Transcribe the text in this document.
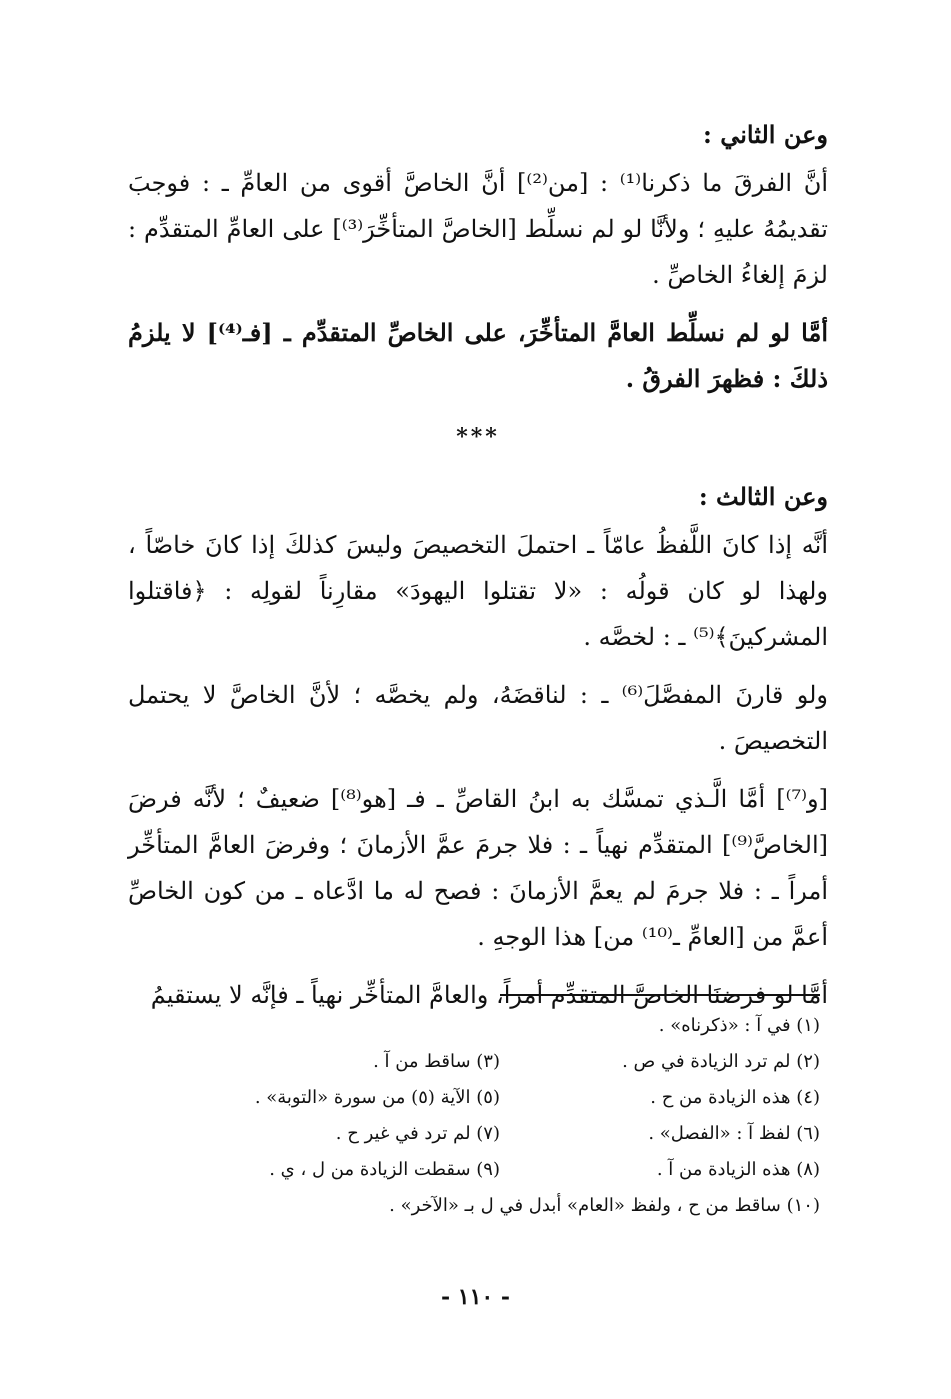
وعن الثاني :

أنَّ الفرقَ ما ذكرنا⁽¹⁾ : [من⁽²⁾] أنَّ الخاصَّ أقوى من العامِّ ـ : فوجبَ تقديمُهُ عليهِ ؛ ولأنَّا لو لم نسلِّط [الخاصَّ المتأخِّرَ⁽³⁾] على العامِّ المتقدِّم : لزمَ إلغاءُ الخاصِّ .

أمَّا لو لم نسلِّط العامَّ المتأخِّرَ، على الخاصِّ المتقدِّم ـ [فـ⁽⁴⁾] لا يلزمُ ذلكَ : فظهرَ الفرقُ .

***
وعن الثالث :

أنَّه إذا كانَ اللَّفظُ عامّاً ـ احتملَ التخصيصَ وليسَ كذلكَ إذا كانَ خاصّاً ، ولهذا لو كان قولُه : «لا تقتلوا اليهودَ» مقارِناً لقولِه : ﴿فاقتلوا المشركينَ﴾⁽⁵⁾ ـ : لخصَّه .

ولو قارنَ المفصَّلَ⁽⁶⁾ ـ : لناقضَهُ، ولم يخصَّه ؛ لأنَّ الخاصَّ لا يحتمل التخصيصَ .

[و⁽⁷⁾] أمَّا الَّـذي تمسَّك به ابنُ القاصِّ ـ فـ [هو⁽⁸⁾] ضعيفٌ ؛ لأنَّه فرضَ [الخاصَّ⁽⁹⁾] المتقدِّم نهياً ـ : فلا جرمَ عمَّ الأزمانَ ؛ وفرضَ العامَّ المتأخِّر أمراً ـ : فلا جرمَ لم يعمَّ الأزمانَ : فصح له ما ادَّعاه ـ من كون الخاصِّ أعمَّ من [العامِّ ـ⁽¹⁰⁾ من] هذا الوجهِ .

أمَّا لو فرضنَا الخاصَّ المتقدِّم أمراً، والعامَّ المتأخِّر نهياً ـ فإنَّه لا يستقيمُ

(١) في آ : «ذكرناه» .
(٢) لم ترد الزيادة في ص .
(٣) ساقط من آ .
(٤) هذه الزيادة من ح .
(٥) الآية (٥) من سورة «التوبة» .
(٦) لفظ آ : «الفصل» .
(٧) لم ترد في غير ح .
(٨) هذه الزيادة من آ .
(٩) سقطت الزيادة من ل ، ي .
(١٠) ساقط من ح ، ولفظ «العام» أبدل في ل بـ «الآخر» .
- ١١٠ -
